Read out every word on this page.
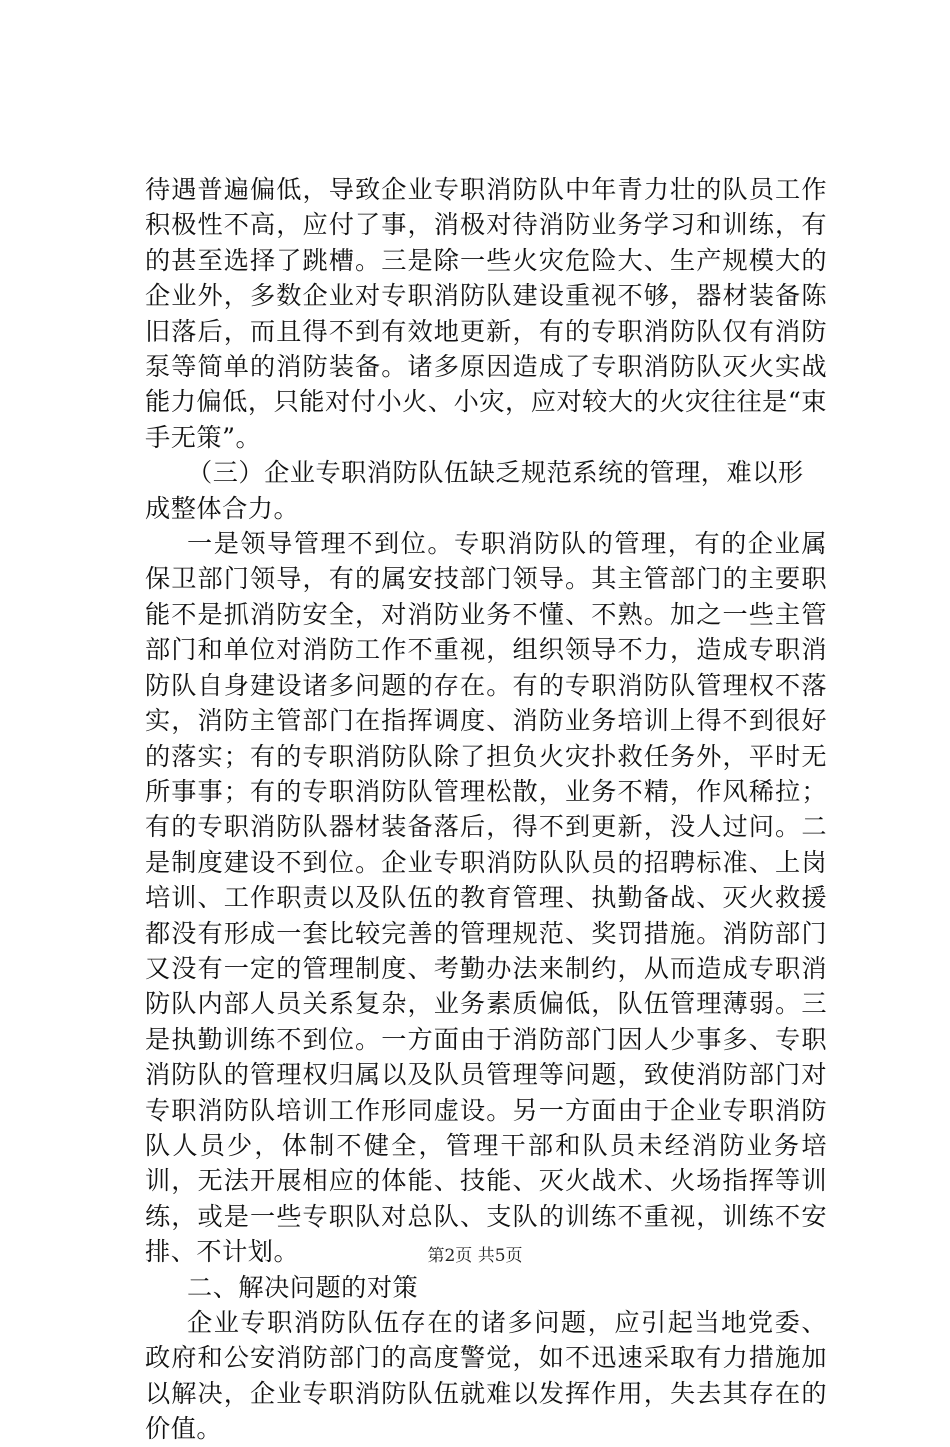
待遇普遍偏低，导致企业专职消防队中年青力壮的队员工作积极性不高，应付了事，消极对待消防业务学习和训练，有的甚至选择了跳槽。三是除一些火灾危险大、生产规模大的企业外，多数企业对专职消防队建设重视不够，器材装备陈旧落后，而且得不到有效地更新，有的专职消防队仅有消防泵等简单的消防装备。诸多原因造成了专职消防队灭火实战能力偏低，只能对付小火、小灾，应对较大的火灾往往是“束手无策”。

（三）企业专职消防队伍缺乏规范系统的管理，难以形成整体合力。

一是领导管理不到位。专职消防队的管理，有的企业属保卫部门领导，有的属安技部门领导。其主管部门的主要职能不是抓消防安全，对消防业务不懂、不熟。加之一些主管部门和单位对消防工作不重视，组织领导不力，造成专职消防队自身建设诸多问题的存在。有的专职消防队管理权不落实，消防主管部门在指挥调度、消防业务培训上得不到很好的落实；有的专职消防队除了担负火灾扑救任务外，平时无所事事；有的专职消防队管理松散，业务不精，作风稀拉；有的专职消防队器材装备落后，得不到更新，没人过问。二是制度建设不到位。企业专职消防队队员的招聘标准、上岗培训、工作职责以及队伍的教育管理、执勤备战、灭火救援都没有形成一套比较完善的管理规范、奖罚措施。消防部门又没有一定的管理制度、考勤办法来制约，从而造成专职消防队内部人员关系复杂，业务素质偏低，队伍管理薄弱。三是执勤训练不到位。一方面由于消防部门因人少事多、专职消防队的管理权归属以及队员管理等问题，致使消防部门对专职消防队培训工作形同虚设。另一方面由于企业专职消防队人员少，体制不健全，管理干部和队员未经消防业务培训，无法开展相应的体能、技能、灭火战术、火场指挥等训练，或是一些专职队对总队、支队的训练不重视，训练不安排、不计划。

二、解决问题的对策

企业专职消防队伍存在的诸多问题，应引起当地党委、政府和公安消防部门的高度警觉，如不迅速采取有力措施加以解决，企业专职消防队伍就难以发挥作用，失去其存在的价值。

第2页 共5页
